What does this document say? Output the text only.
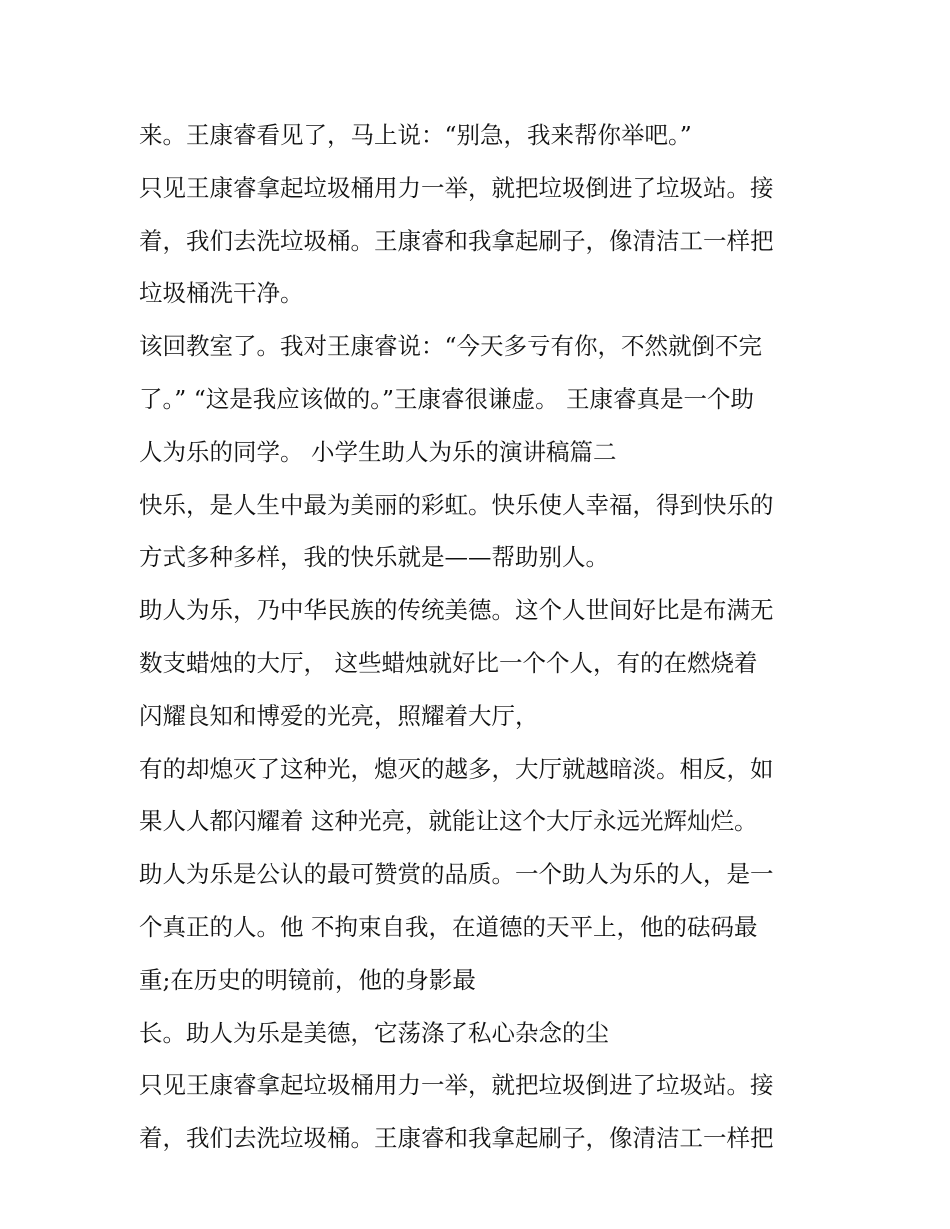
来。王康睿看见了，马上说：“别急，我来帮你举吧。”
只见王康睿拿起垃圾桶用力一举，就把垃圾倒进了垃圾站。接
着，我们去洗垃圾桶。王康睿和我拿起刷子，像清洁工一样把
垃圾桶洗干净。
该回教室了。我对王康睿说：“今天多亏有你，不然就倒不完
了。” “这是我应该做的。”王康睿很谦虚。 王康睿真是一个助
人为乐的同学。 小学生助人为乐的演讲稿篇二
快乐，是人生中最为美丽的彩虹。快乐使人幸福，得到快乐的
方式多种多样，我的快乐就是——帮助别人。
助人为乐，乃中华民族的传统美德。这个人世间好比是布满无
数支蜡烛的大厅， 这些蜡烛就好比一个个人，有的在燃烧着
闪耀良知和博爱的光亮，照耀着大厅，
有的却熄灭了这种光，熄灭的越多，大厅就越暗淡。相反，如
果人人都闪耀着 这种光亮，就能让这个大厅永远光辉灿烂。
助人为乐是公认的最可赞赏的品质。一个助人为乐的人，是一
个真正的人。他 不拘束自我，在道德的天平上，他的砝码最
重;在历史的明镜前，他的身影最
长。助人为乐是美德，它荡涤了私心杂念的尘
只见王康睿拿起垃圾桶用力一举，就把垃圾倒进了垃圾站。接
着，我们去洗垃圾桶。王康睿和我拿起刷子，像清洁工一样把
